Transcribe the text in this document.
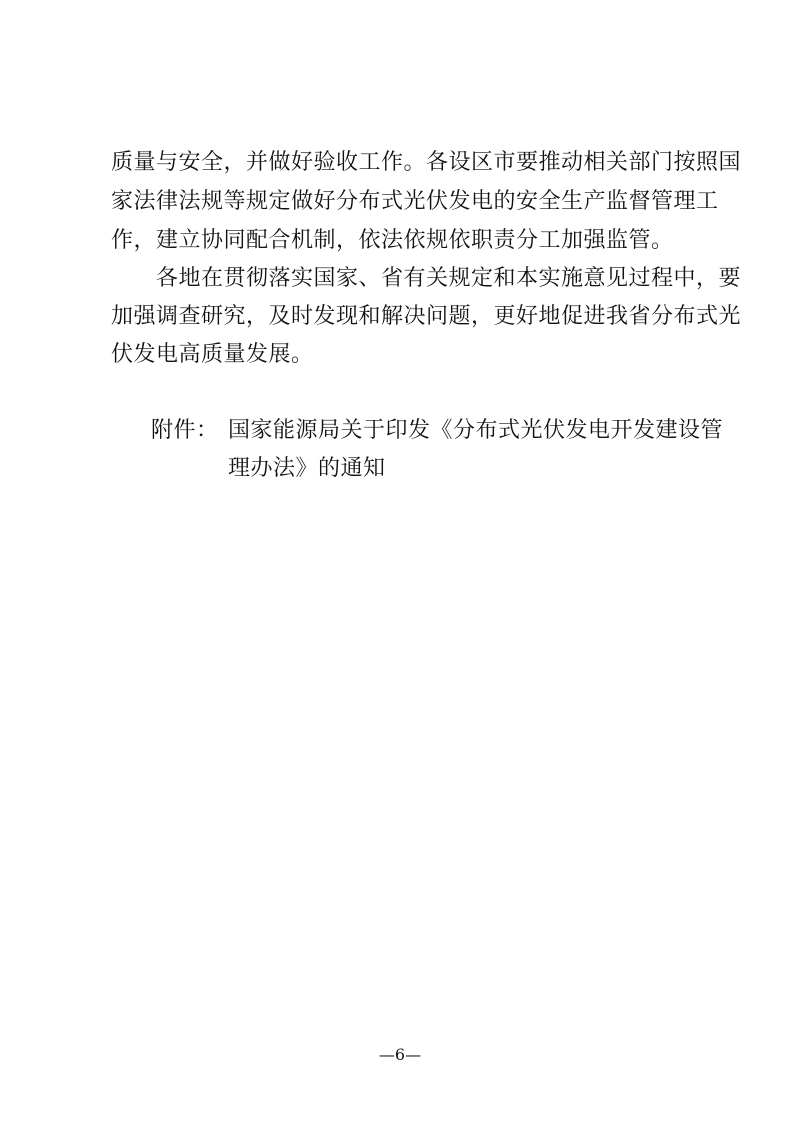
质量与安全，并做好验收工作。各设区市要推动相关部门按照国
家法律法规等规定做好分布式光伏发电的安全生产监督管理工
作，建立协同配合机制，依法依规依职责分工加强监管。
　　各地在贯彻落实国家、省有关规定和本实施意见过程中，要
加强调查研究，及时发现和解决问题，更好地促进我省分布式光
伏发电高质量发展。
附件： 国家能源局关于印发《分布式光伏发电开发建设管
理办法》的通知
—6—
